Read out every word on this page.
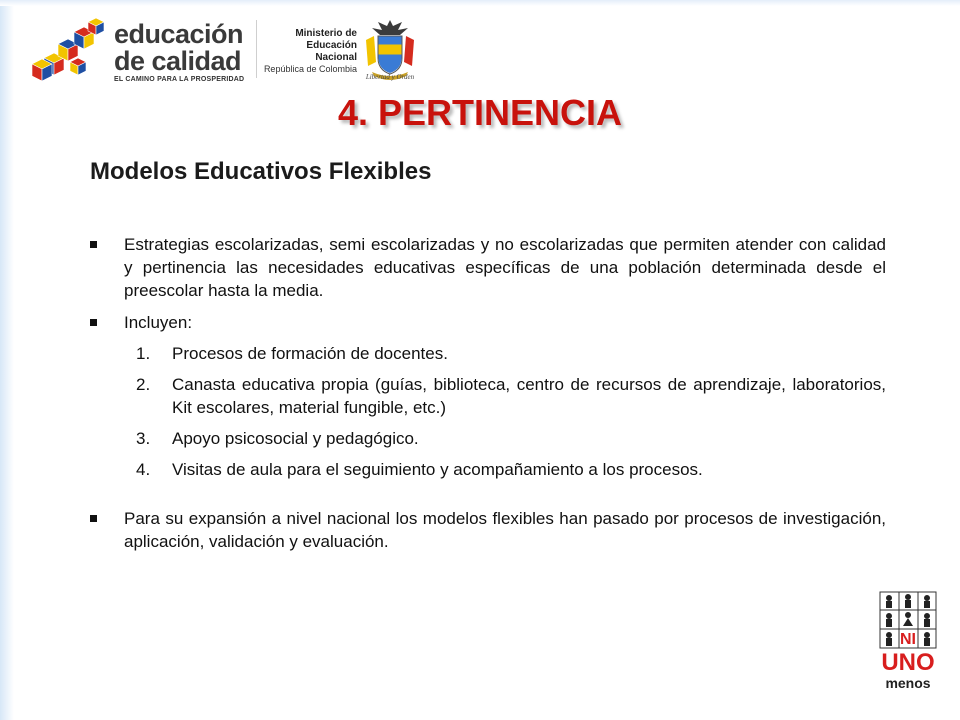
educación
de calidad
EL CAMINO PARA LA PROSPERIDAD
Ministerio de
Educación Nacional
República de Colombia
Libertad y Orden
4. PERTINENCIA
Modelos Educativos Flexibles
Estrategias escolarizadas, semi escolarizadas y no escolarizadas que permiten atender con calidad y pertinencia las necesidades educativas específicas de una población determinada desde el preescolar hasta la media.
Incluyen:
1. Procesos de formación de docentes.
2. Canasta educativa propia (guías, biblioteca, centro de recursos de aprendizaje, laboratorios, Kit escolares, material fungible, etc.)
3. Apoyo psicosocial y pedagógico.
4. Visitas de aula para el seguimiento y acompañamiento a los procesos.
Para su expansión a nivel nacional los modelos flexibles han pasado por procesos de investigación, aplicación, validación y evaluación.
NI
UNO
menos
